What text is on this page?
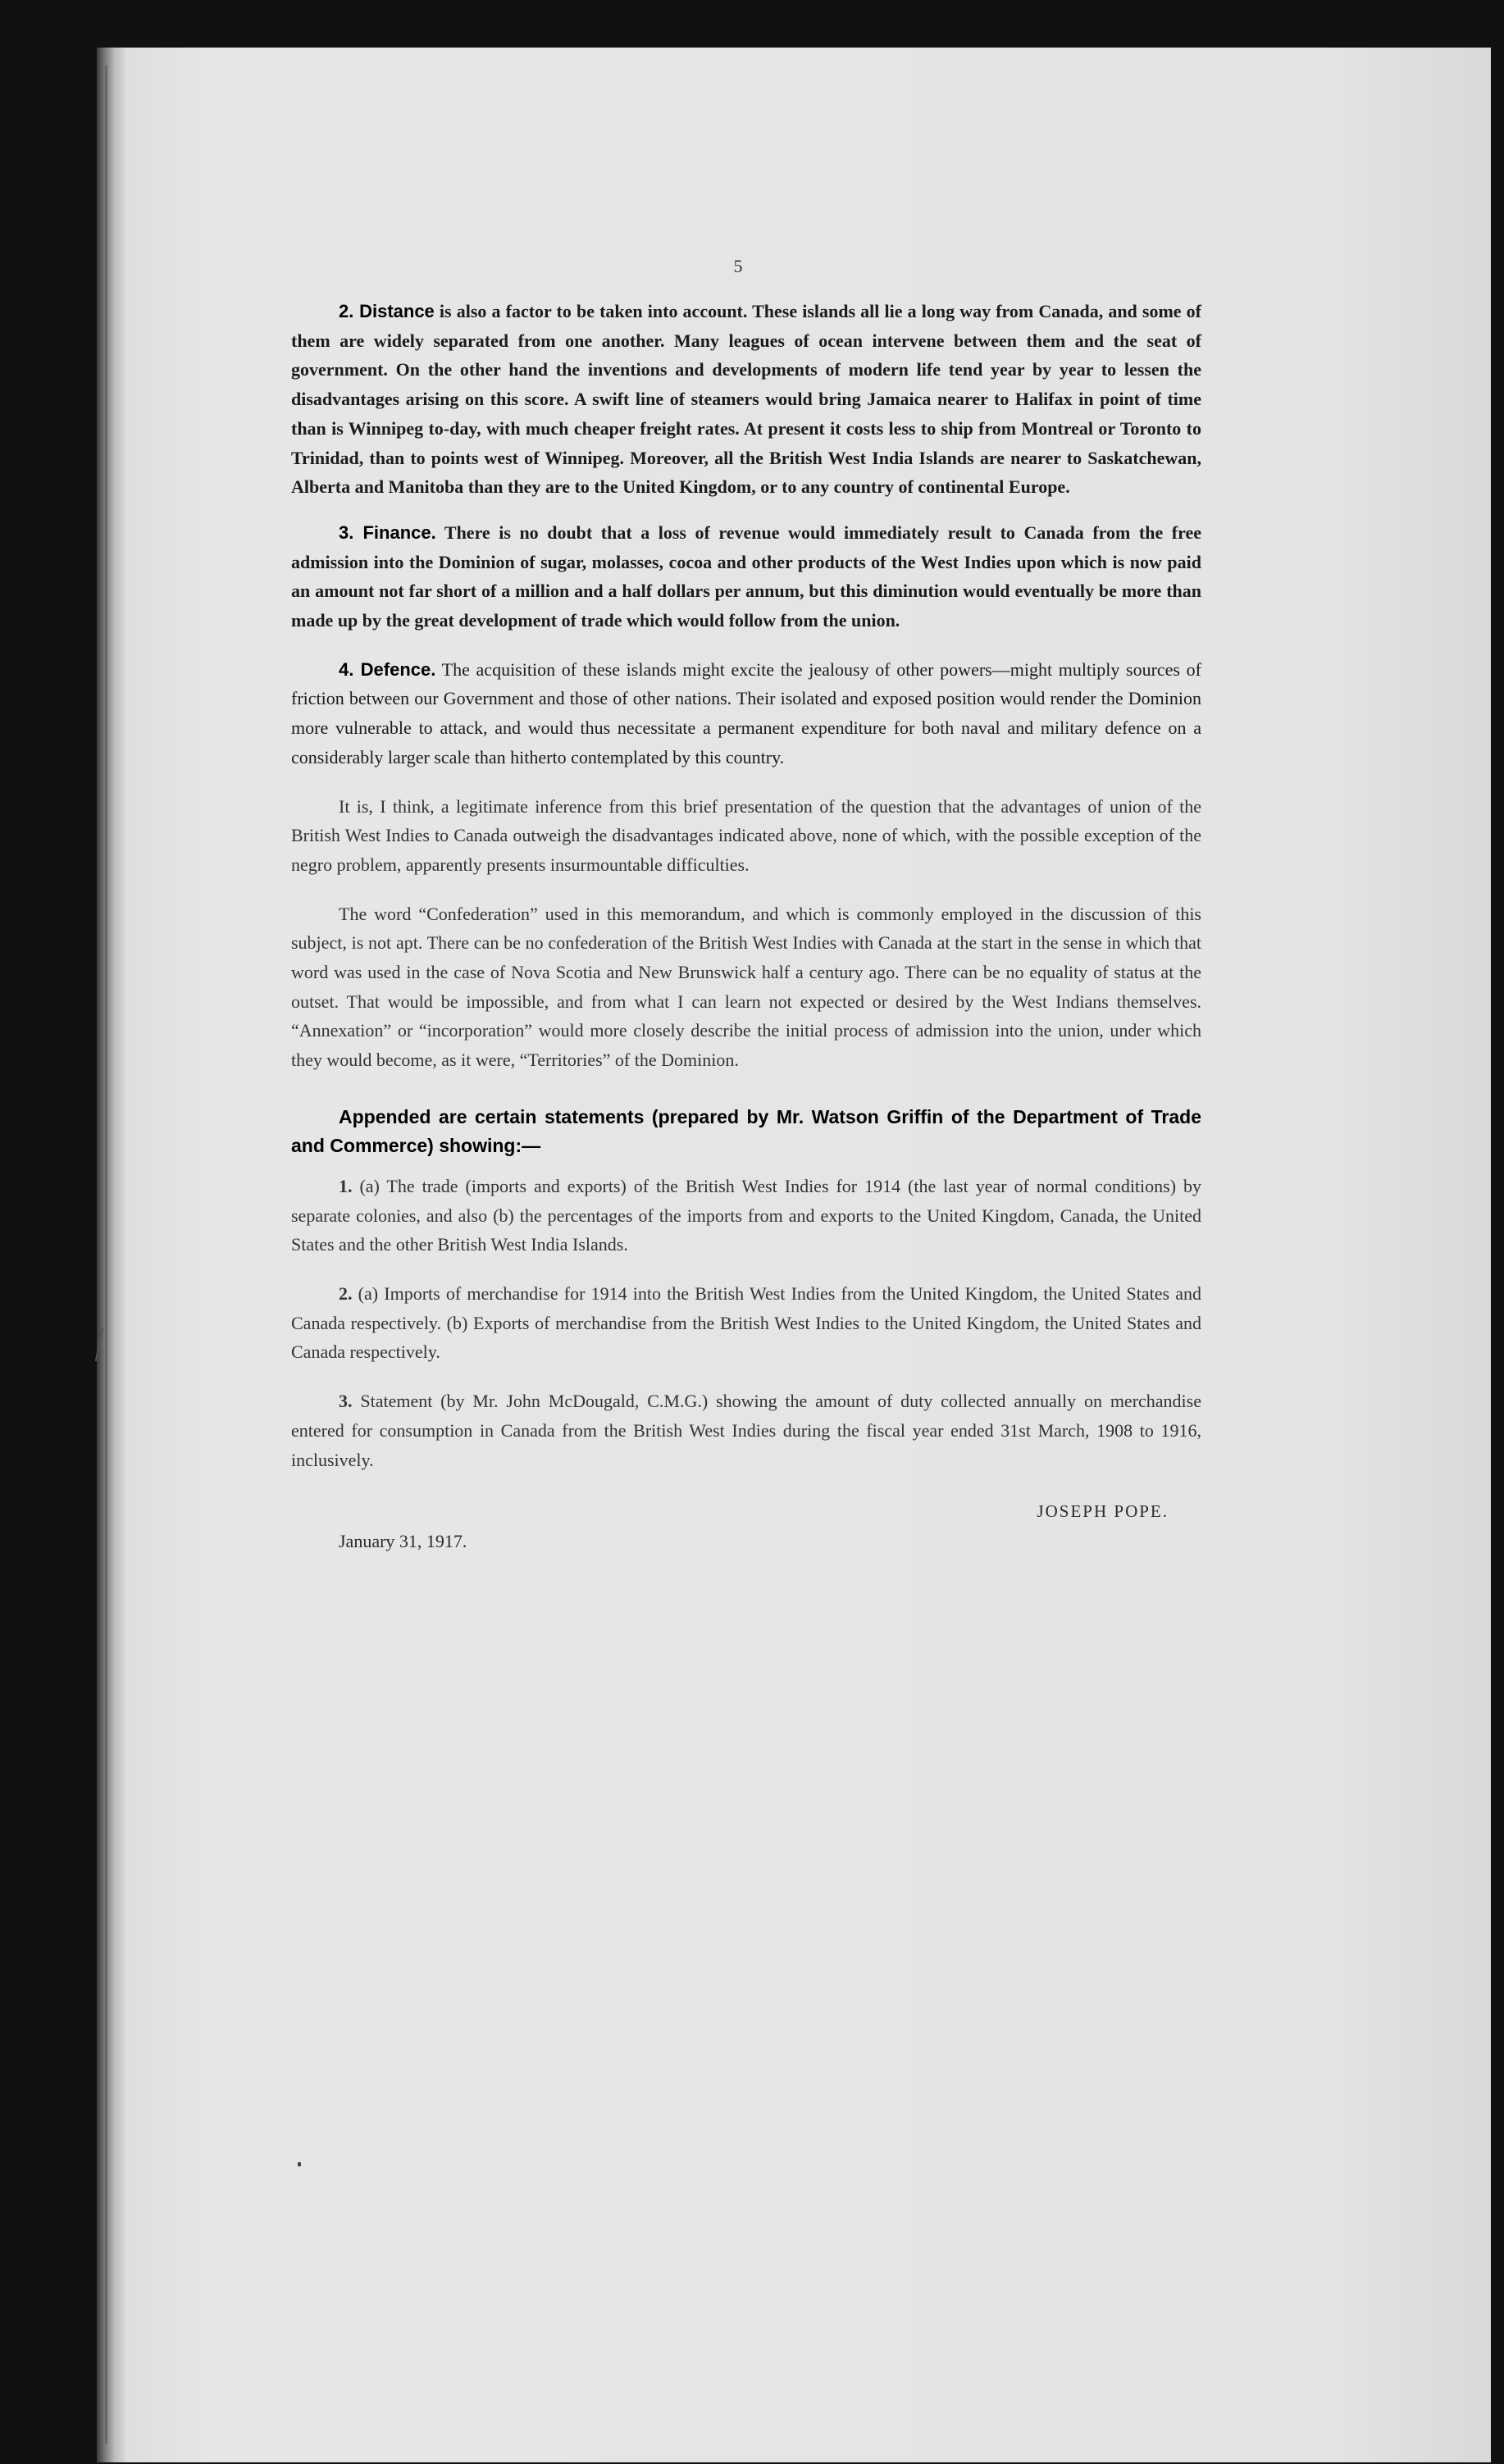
5

2. Distance is also a factor to be taken into account. These islands all lie a long way from Canada, and some of them are widely separated from one another. Many leagues of ocean intervene between them and the seat of government. On the other hand the inventions and developments of modern life tend year by year to lessen the disadvantages arising on this score. A swift line of steamers would bring Jamaica nearer to Halifax in point of time than is Winnipeg to-day, with much cheaper freight rates. At present it costs less to ship from Montreal or Toronto to Trinidad, than to points west of Winnipeg. Moreover, all the British West India Islands are nearer to Saskatchewan, Alberta and Manitoba than they are to the United Kingdom, or to any country of continental Europe.

3. Finance. There is no doubt that a loss of revenue would immediately result to Canada from the free admission into the Dominion of sugar, molasses, cocoa and other products of the West Indies upon which is now paid an amount not far short of a million and a half dollars per annum, but this diminution would eventually be more than made up by the great development of trade which would follow from the union.

4. Defence. The acquisition of these islands might excite the jealousy of other powers—might multiply sources of friction between our Government and those of other nations. Their isolated and exposed position would render the Dominion more vulnerable to attack, and would thus necessitate a permanent expenditure for both naval and military defence on a considerably larger scale than hitherto contemplated by this country.

It is, I think, a legitimate inference from this brief presentation of the question that the advantages of union of the British West Indies to Canada outweigh the disadvantages indicated above, none of which, with the possible exception of the negro problem, apparently presents insurmountable difficulties.

The word “Confederation” used in this memorandum, and which is commonly employed in the discussion of this subject, is not apt. There can be no confederation of the British West Indies with Canada at the start in the sense in which that word was used in the case of Nova Scotia and New Brunswick half a century ago. There can be no equality of status at the outset. That would be impossible, and from what I can learn not expected or desired by the West Indians themselves. “Annexation” or “incorporation” would more closely describe the initial process of admission into the union, under which they would become, as it were, “Territories” of the Dominion.

Appended are certain statements (prepared by Mr. Watson Griffin of the Department of Trade and Commerce) showing:—

1. (a) The trade (imports and exports) of the British West Indies for 1914 (the last year of normal conditions) by separate colonies, and also (b) the percentages of the imports from and exports to the United Kingdom, Canada, the United States and the other British West India Islands.

2. (a) Imports of merchandise for 1914 into the British West Indies from the United Kingdom, the United States and Canada respectively. (b) Exports of merchandise from the British West Indies to the United Kingdom, the United States and Canada respectively.

3. Statement (by Mr. John McDougald, C.M.G.) showing the amount of duty collected annually on merchandise entered for consumption in Canada from the British West Indies during the fiscal year ended 31st March, 1908 to 1916, inclusively.

JOSEPH POPE.
January 31, 1917.
